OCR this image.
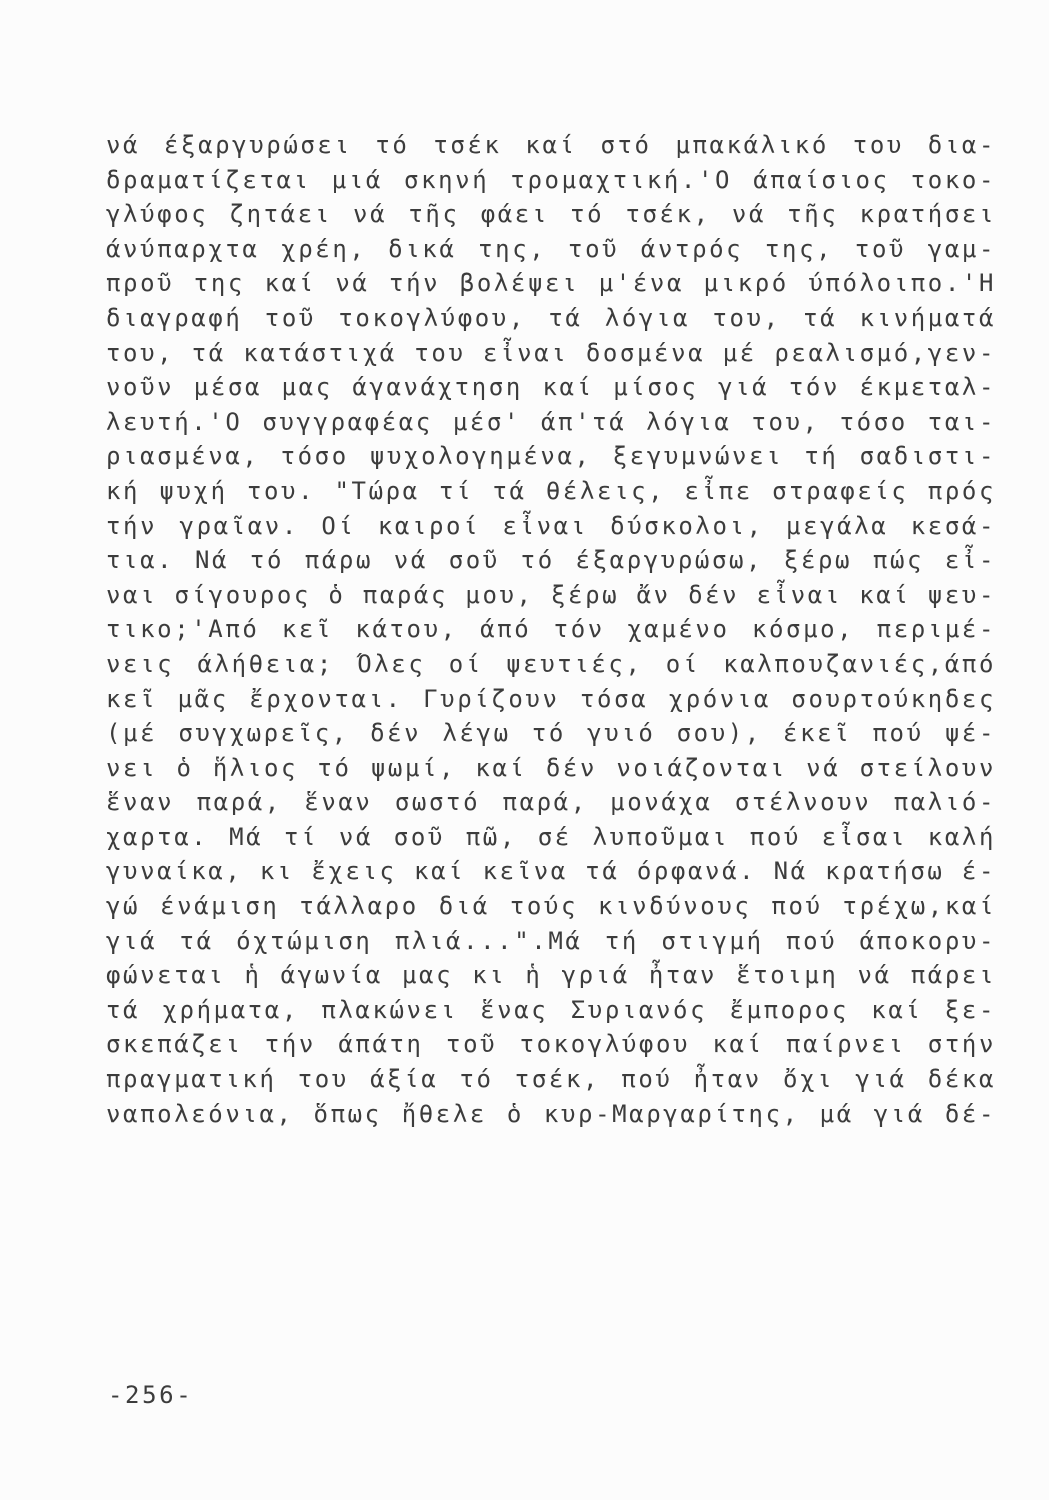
νά έξαργυρώσει τό τσέκ καί στό μπακάλικό του δια-
δραματίζεται μιά σκηνή τρομαχτική.'Ο άπαίσιος τοκο-
γλύφος ζητάει νά τῆς φάει τό τσέκ, νά τῆς κρατήσει
άνύπαρχτα χρέη, δικά της, τοῦ άντρός της, τοῦ γαμ-
προῦ της καί νά τήν βολέψει μ'ένα μικρό ύπόλοιπο.'Η
διαγραφή τοῦ τοκογλύφου, τά λόγια του, τά κινήματά
του, τά κατάστιχά του εἶναι δοσμένα μέ ρεαλισμό,γεν-
νοῦν μέσα μας άγανάχτηση καί μίσος γιά τόν έκμεταλ-
λευτή.'Ο συγγραφέας μέσ' άπ'τά λόγια του, τόσο ται-
ριασμένα, τόσο ψυχολογημένα, ξεγυμνώνει τή σαδιστι-
κή ψυχή του. "Τώρα τί τά θέλεις, εἶπε στραφείς πρός
τήν γραῖαν. Οί καιροί εἶναι δύσκολοι, μεγάλα κεσά-
τια. Νά τό πάρω νά σοῦ τό έξαργυρώσω, ξέρω πώς εἶ-
ναι σίγουρος ὁ παράς μου, ξέρω ἄν δέν εἶναι καί ψευ-
τικο;'Από κεῖ κάτου, άπό τόν χαμένο κόσμο, περιμέ-
νεις άλήθεια; Όλες οί ψευτιές, οί καλπουζανιές,άπό
κεῖ μᾶς ἔρχονται. Γυρίζουν τόσα χρόνια σουρτούκηδες
(μέ συγχωρεῖς, δέν λέγω τό γυιό σου), έκεῖ πού ψέ-
νει ὁ ἥλιος τό ψωμί, καί δέν νοιάζονται νά στείλουν
ἕναν παρά, ἕναν σωστό παρά, μονάχα στέλνουν παλιό-
χαρτα. Μά τί νά σοῦ πῶ, σέ λυποῦμαι πού εἶσαι καλή
γυναίκα, κι ἔχεις καί κεῖνα τά όρφανά. Νά κρατήσω έ-
γώ ένάμιση τάλλαρο διά τούς κινδύνους πού τρέχω,καί
γιά τά όχτώμιση πλιά...".Μά τή στιγμή πού άποκορυ-
φώνεται ἡ άγωνία μας κι ἡ γριά ἦταν ἕτοιμη νά πάρει
τά χρήματα, πλακώνει ἕνας Συριανός ἔμπορος καί ξε-
σκεπάζει τήν άπάτη τοῦ τοκογλύφου καί παίρνει στήν
πραγματική του άξία τό τσέκ, πού ἦταν ὄχι γιά δέκα
ναπολεόνια, ὅπως ἤθελε ὁ κυρ-Μαργαρίτης, μά γιά δέ-
-256-
